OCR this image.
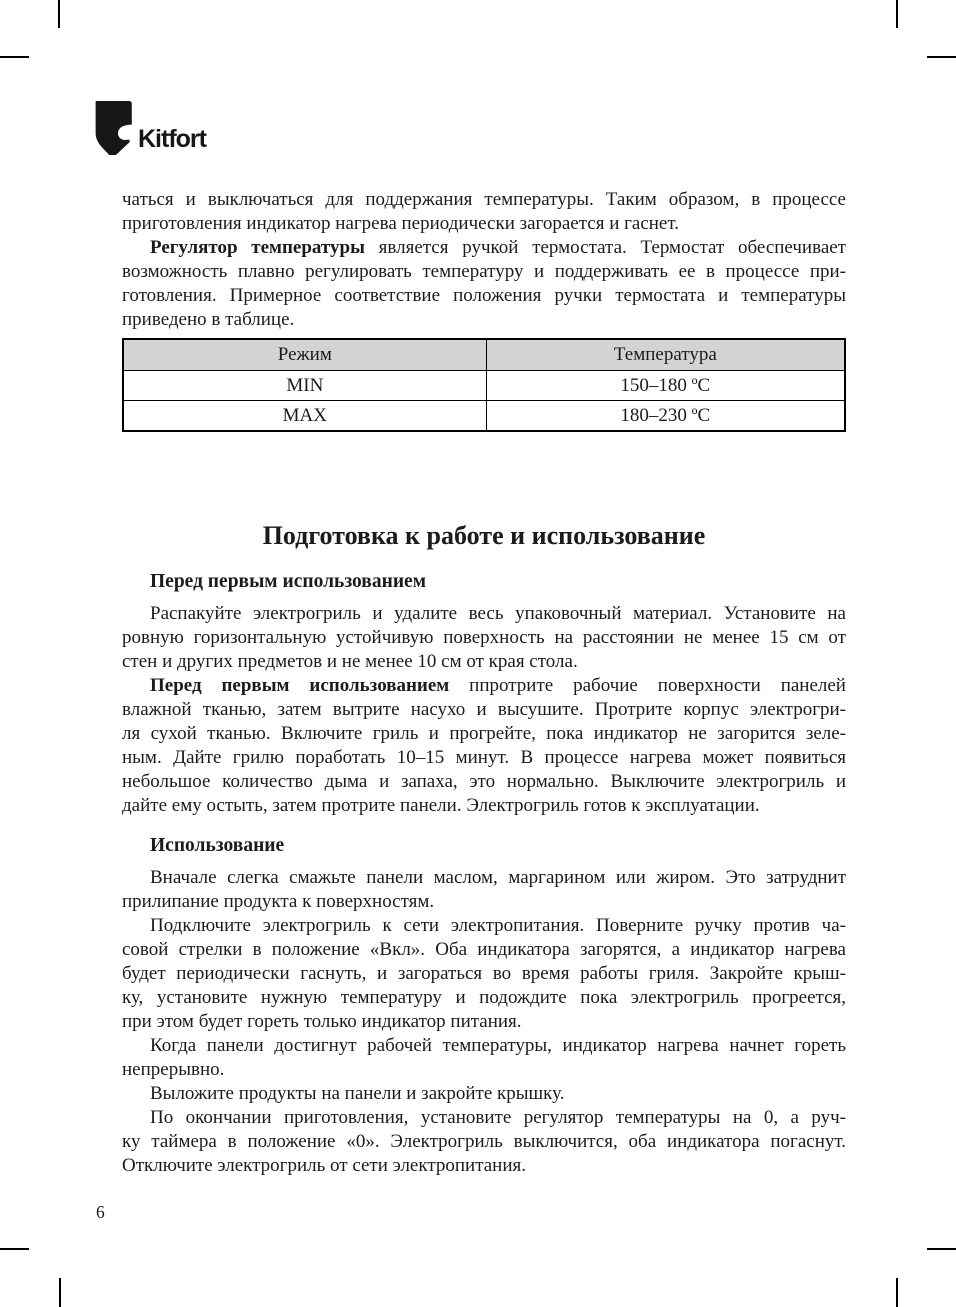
Kitfort
чаться и выключаться для поддержания температуры. Таким образом, в процессе
приготовления индикатор нагрева периодически загорается и гаснет.
Регулятор температуры является ручкой термостата. Термостат обеспечивает
возможность плавно регулировать температуру и поддерживать ее в процессе при-
готовления. Примерное соответствие положения ручки термостата и температуры
приведено в таблице.
Режим	Температура
MIN	150–180 ºС
MAX	180–230 ºС
Подготовка к работе и использование
Перед первым использованием
Распакуйте электрогриль и удалите весь упаковочный материал. Установите на
ровную горизонтальную устойчивую поверхность на расстоянии не менее 15 см от
стен и других предметов и не менее 10 см от края стола.
Перед первым использованием ппротрите рабочие поверхности панелей
влажной тканью, затем вытрите насухо и высушите. Протрите корпус электрогри-
ля сухой тканью. Включите гриль и прогрейте, пока индикатор не загорится зеле-
ным. Дайте грилю поработать 10–15 минут. В процессе нагрева может появиться
небольшое количество дыма и запаха, это нормально. Выключите электрогриль и
дайте ему остыть, затем протрите панели. Электрогриль готов к эксплуатации.
Использование
Вначале слегка смажьте панели маслом, маргарином или жиром. Это затруднит
прилипание продукта к поверхностям.
Подключите электрогриль к сети электропитания. Поверните ручку против ча-
совой стрелки в положение «Вкл». Оба индикатора загорятся, а индикатор нагрева
будет периодически гаснуть, и загораться во время работы гриля. Закройте крыш-
ку, установите нужную температуру и подождите пока электрогриль прогреется,
при этом будет гореть только индикатор питания.
Когда панели достигнут рабочей температуры, индикатор нагрева начнет гореть
непрерывно.
Выложите продукты на панели и закройте крышку.
По окончании приготовления, установите регулятор температуры на 0, а руч-
ку таймера в положение «0». Электрогриль выключится, оба индикатора погаснут.
Отключите электрогриль от сети электропитания.
6
